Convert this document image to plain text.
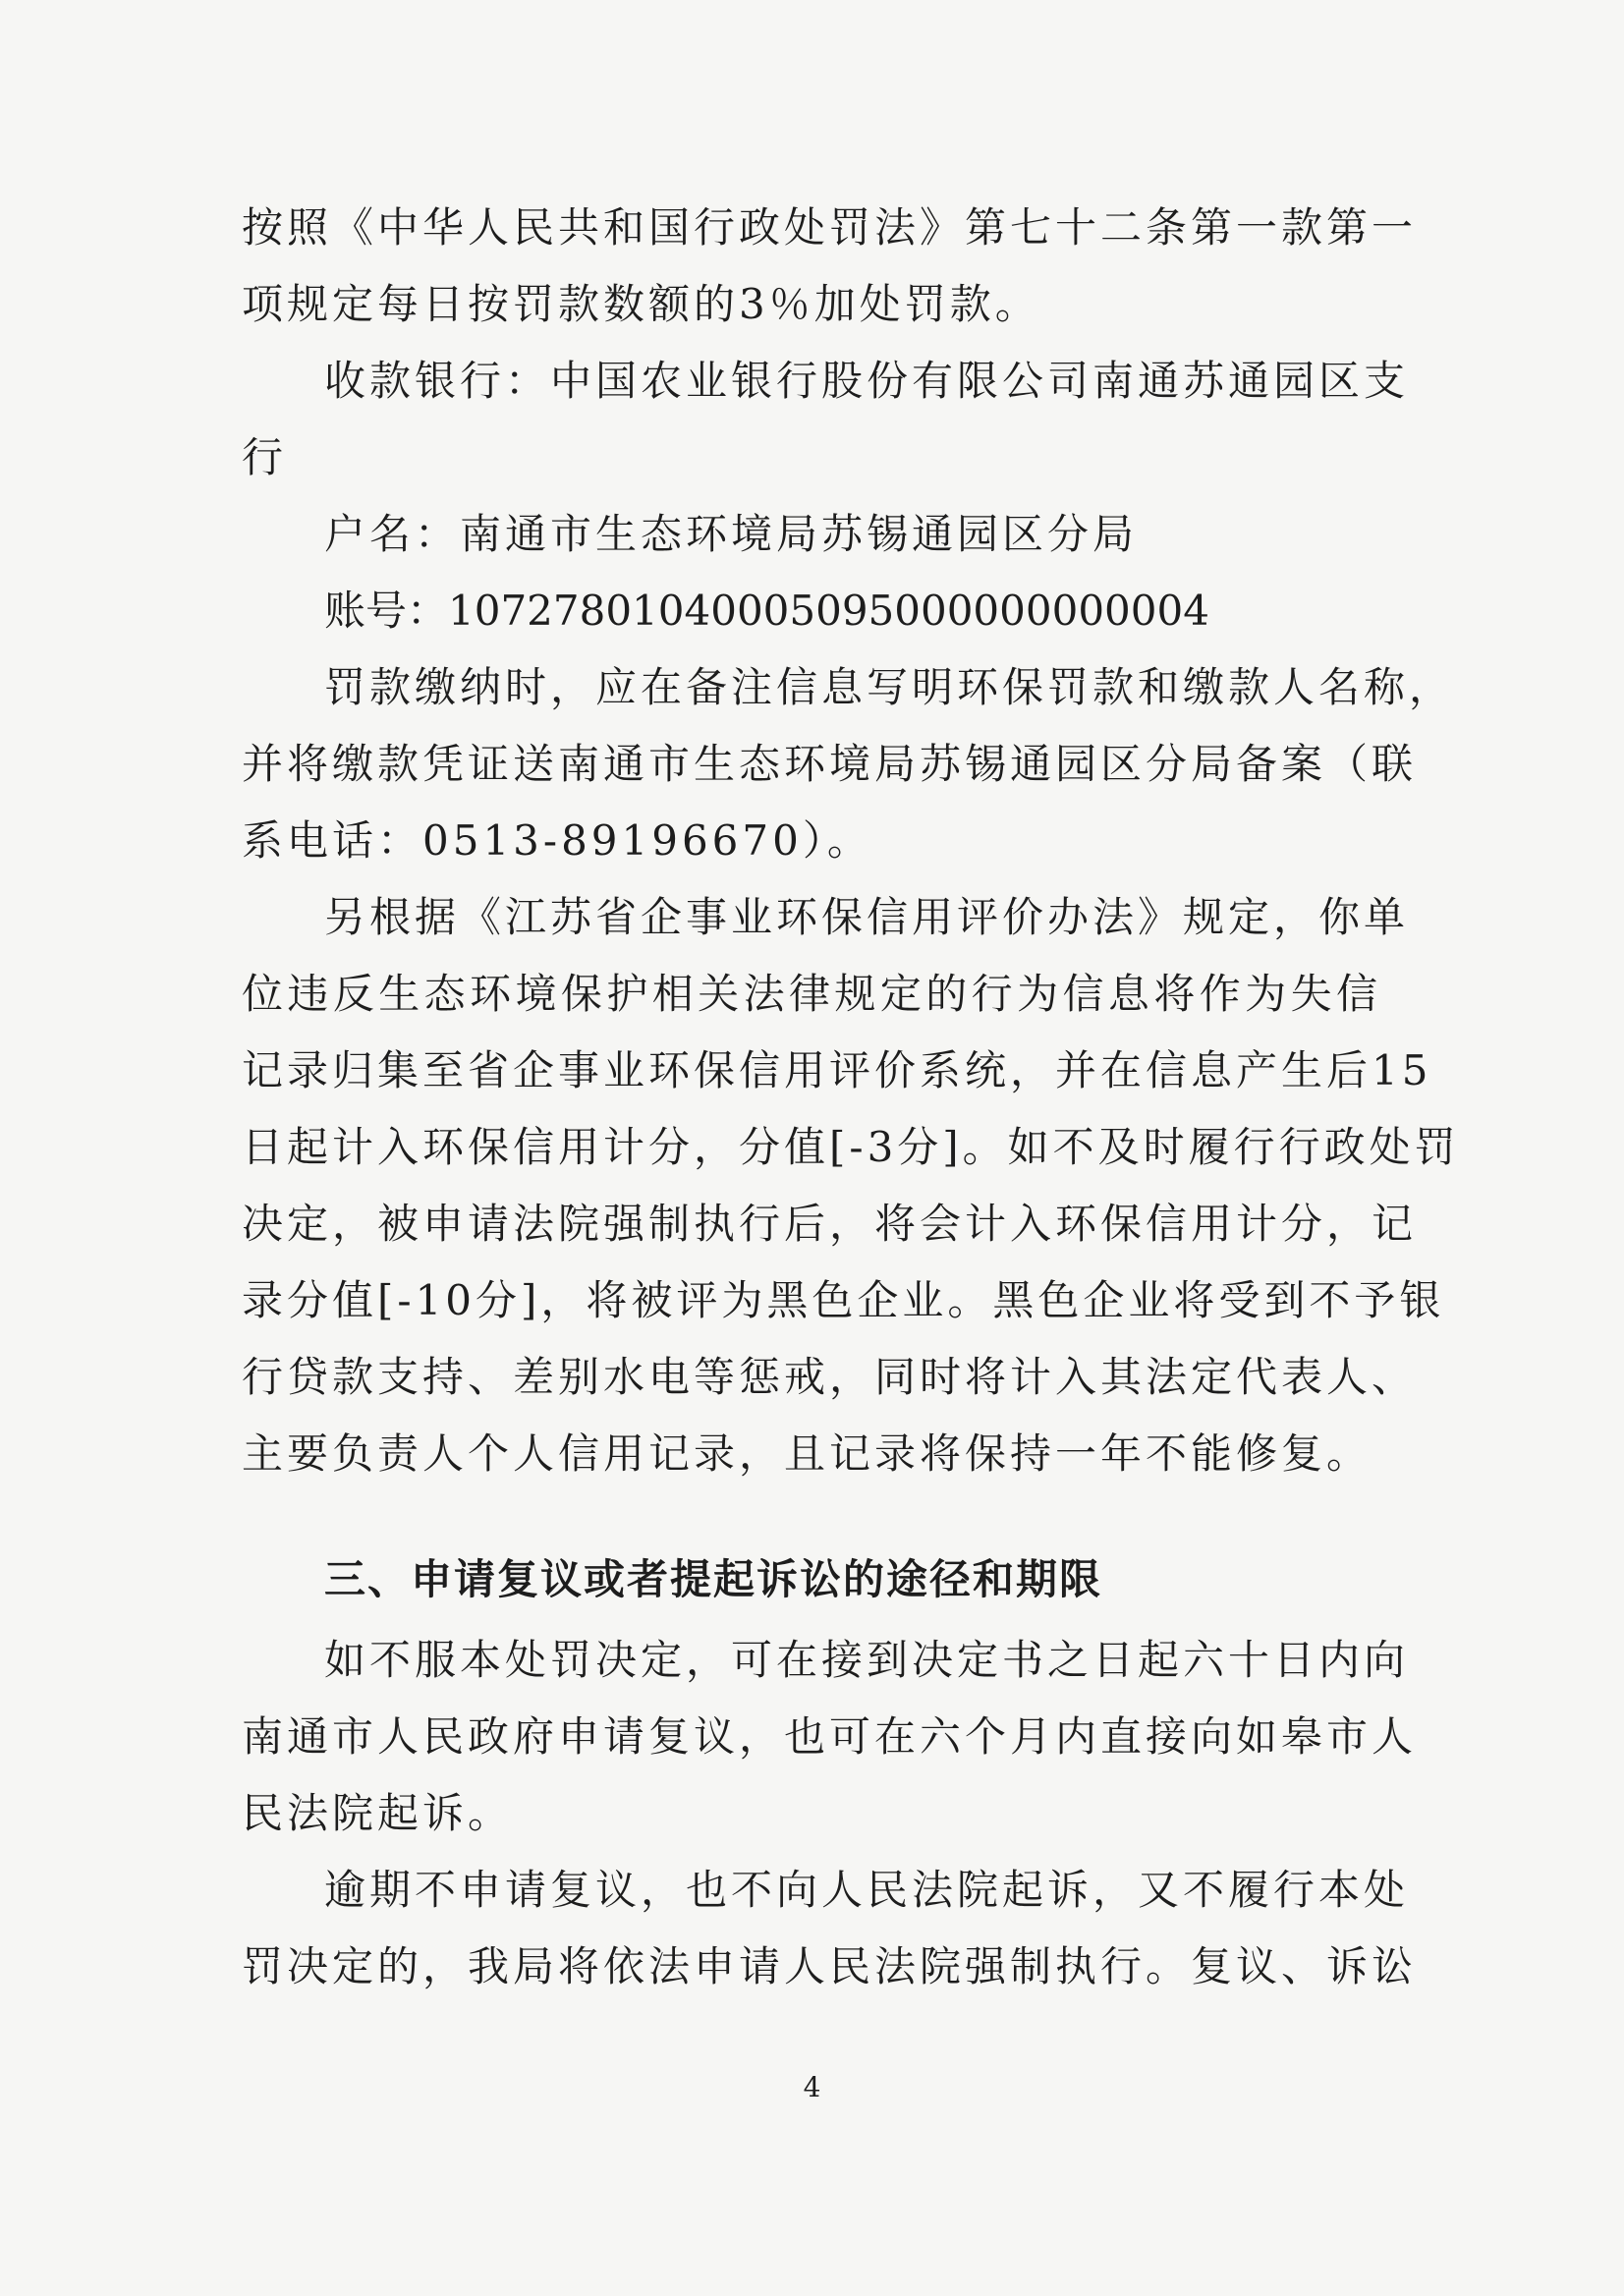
按照《中华人民共和国行政处罚法》第七十二条第一款第一
项规定每日按罚款数额的3％加处罚款。
收款银行：中国农业银行股份有限公司南通苏通园区支
行
户名：南通市生态环境局苏锡通园区分局
账号：10727801040005095000000000004
罚款缴纳时，应在备注信息写明环保罚款和缴款人名称，
并将缴款凭证送南通市生态环境局苏锡通园区分局备案（联
系电话：0513-89196670）。
另根据《江苏省企事业环保信用评价办法》规定，你单
位违反生态环境保护相关法律规定的行为信息将作为失信
记录归集至省企事业环保信用评价系统，并在信息产生后15
日起计入环保信用计分，分值[-3分]。如不及时履行行政处罚
决定，被申请法院强制执行后，将会计入环保信用计分，记
录分值[-10分]，将被评为黑色企业。黑色企业将受到不予银
行贷款支持、差别水电等惩戒，同时将计入其法定代表人、
主要负责人个人信用记录，且记录将保持一年不能修复。
三、申请复议或者提起诉讼的途径和期限
如不服本处罚决定，可在接到决定书之日起六十日内向
南通市人民政府申请复议，也可在六个月内直接向如皋市人
民法院起诉。
逾期不申请复议，也不向人民法院起诉，又不履行本处
罚决定的，我局将依法申请人民法院强制执行。复议、诉讼
4
